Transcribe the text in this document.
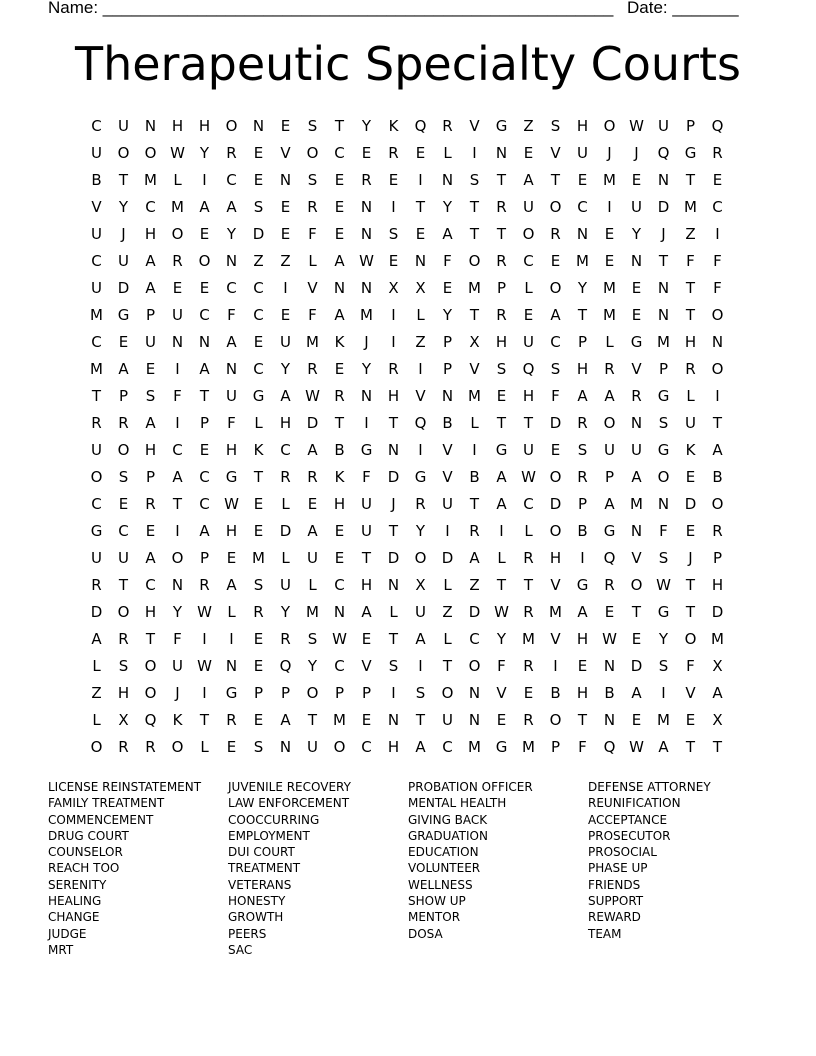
Name: ______________________________________________________ Date: _______
Therapeutic Specialty Courts
C	U	N	H	H	O	N	E	S	T	Y	K	Q	R	V	G	Z	S	H	O W U	P	Q
U	O	O W Y	R	E	V	O	C	E	R	E	L	I	N	E	V	U	J	J	Q	G	R
B	T	M	L	I	C	E	N	S	E	R	E	I	N	S	T	A	T	E	M	E	N	T	E
V	Y	C	M	A	A	S	E	R	E	N	I	T	Y	T	R	U	O	C	I	U	D M	C
U	J	H	O	E	Y	D	E	F	E	N	S	E	A	T	T	O	R	N	E	Y	J	Z	I
C	U	A	R	O	N	Z	Z	L	A W E	N	F	O	R	C	E	M	E	N	T	F	F
U	D	A	E	E	C	C	I	V	N	N	X	X	E	M	P	L	O	Y	M	E	N	T	F
M G	P	U	C	F	C	E	F	A	M	I	L	Y	T	R	E	A	T	M	E	N	T	O
C	E	U	N	N	A	E	U	M	K	J	I	Z	P	X	H	U	C	P	L	G M H	N
M	A	E	I	A	N	C	Y	R	E	Y	R	I	P	V	S	Q	S	H	R	V	P	R	O
T	P	S	F	T	U	G	A W R	N	H	V	N M	E	H	F	A	A	R	G	L	I
R	R	A	I	P	F	L	H	D	T	I	T	Q	B	L	T	T	D	R	O	N	S	U	T
U	O	H	C	E	H	K	C	A	B	G	N	I	V	I	G	U	E	S	U	U	G	K	A
O	S	P	A	C	G	T	R	R	K	F	D	G	V	B	A W O	R	P	A	O	E	B
C	E	R	T	C W E	L	E	H	U	J	R	U	T	A	C	D	P	A	M N	D	O
G	C	E	I	A	H	E	D	A	E	U	T	Y	I	R	I	L	O	B	G	N	F	E	R
U	U	A	O	P	E	M	L	U	E	T	D	O	D	A	L	R	H	I	Q	V	S	J	P
R	T	C	N	R	A	S	U	L	C	H	N	X	L	Z	T	T	V	G	R	O W T	H
D	O	H	Y	W	L	R	Y	M N	A	L	U	Z	D W R	M	A	E	T	G	T	D
A	R	T	F	I	I	E	R	S W E	T	A	L	C	Y	M	V	H W E	Y	O M
L	S	O	U W N	E	Q	Y	C	V	S	I	T	O	F	R	I	E	N	D	S	F	X
Z	H	O	J	I	G	P	P	O	P	P	I	S	O	N	V	E	B	H	B	A	I	V	A
L	X	Q	K	T	R	E	A	T	M	E	N	T	U	N	E	R	O	T	N	E	M	E	X
O	R	R	O	L	E	S	N	U	O	C	H	A	C	M G M	P	F	Q W A	T	T
LICENSE REINSTATEMENT
FAMILY TREATMENT
COMMENCEMENT
DRUG COURT
COUNSELOR
REACH TOO
SERENITY
HEALING
CHANGE
JUDGE
MRT
JUVENILE RECOVERY
LAW ENFORCEMENT
COOCCURRING
EMPLOYMENT
DUI COURT
TREATMENT
VETERANS
HONESTY
GROWTH
PEERS
SAC
PROBATION OFFICER
MENTAL HEALTH
GIVING BACK
GRADUATION
EDUCATION
VOLUNTEER
WELLNESS
SHOW UP
MENTOR
DOSA
DEFENSE ATTORNEY
REUNIFICATION
ACCEPTANCE
PROSECUTOR
PROSOCIAL
PHASE UP
FRIENDS
SUPPORT
REWARD
TEAM
